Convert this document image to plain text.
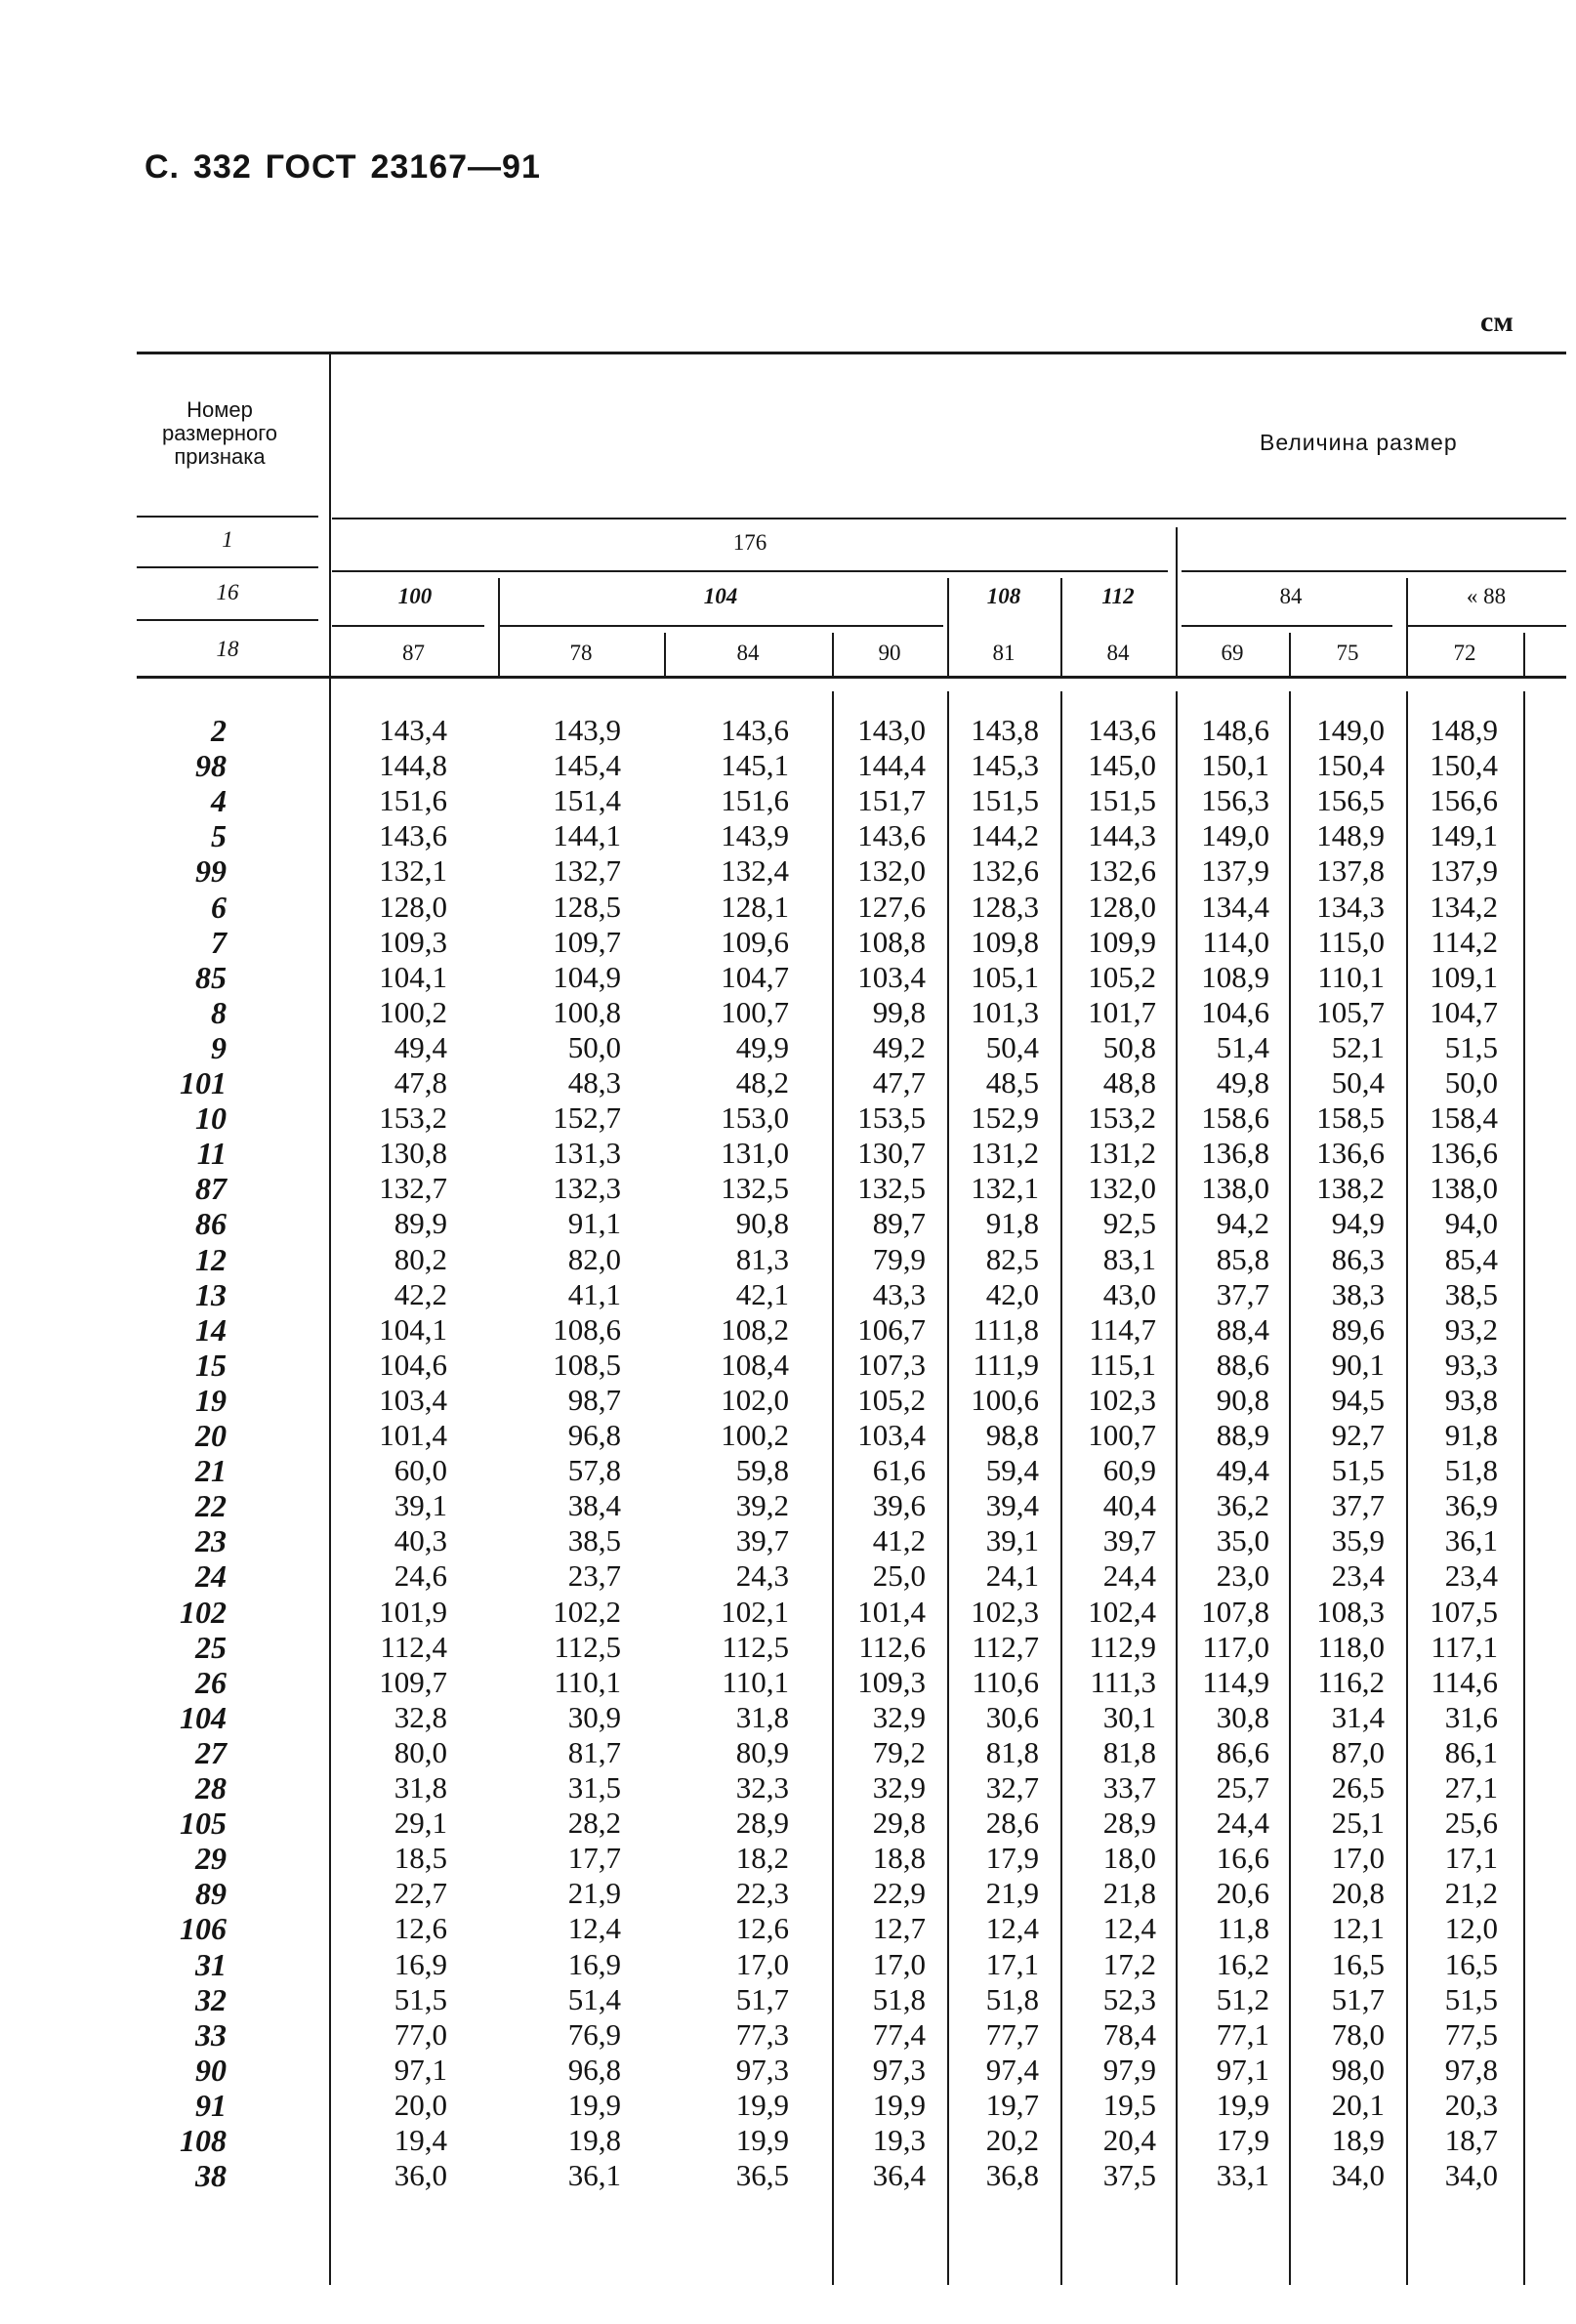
С. 332 ГОСТ 23167—91
см
Номер
размерного
признака
Величина размер
1
16
18
176
100	104	108	112	84	« 88
87	78	84	90	81	84	69	75	72
2	143,4	143,9	143,6	143,0	143,8	143,6	148,6	149,0	148,9
98	144,8	145,4	145,1	144,4	145,3	145,0	150,1	150,4	150,4
4	151,6	151,4	151,6	151,7	151,5	151,5	156,3	156,5	156,6
5	143,6	144,1	143,9	143,6	144,2	144,3	149,0	148,9	149,1
99	132,1	132,7	132,4	132,0	132,6	132,6	137,9	137,8	137,9
6	128,0	128,5	128,1	127,6	128,3	128,0	134,4	134,3	134,2
7	109,3	109,7	109,6	108,8	109,8	109,9	114,0	115,0	114,2
85	104,1	104,9	104,7	103,4	105,1	105,2	108,9	110,1	109,1
8	100,2	100,8	100,7	99,8	101,3	101,7	104,6	105,7	104,7
9	49,4	50,0	49,9	49,2	50,4	50,8	51,4	52,1	51,5
101	47,8	48,3	48,2	47,7	48,5	48,8	49,8	50,4	50,0
10	153,2	152,7	153,0	153,5	152,9	153,2	158,6	158,5	158,4
11	130,8	131,3	131,0	130,7	131,2	131,2	136,8	136,6	136,6
87	132,7	132,3	132,5	132,5	132,1	132,0	138,0	138,2	138,0
86	89,9	91,1	90,8	89,7	91,8	92,5	94,2	94,9	94,0
12	80,2	82,0	81,3	79,9	82,5	83,1	85,8	86,3	85,4
13	42,2	41,1	42,1	43,3	42,0	43,0	37,7	38,3	38,5
14	104,1	108,6	108,2	106,7	111,8	114,7	88,4	89,6	93,2
15	104,6	108,5	108,4	107,3	111,9	115,1	88,6	90,1	93,3
19	103,4	98,7	102,0	105,2	100,6	102,3	90,8	94,5	93,8
20	101,4	96,8	100,2	103,4	98,8	100,7	88,9	92,7	91,8
21	60,0	57,8	59,8	61,6	59,4	60,9	49,4	51,5	51,8
22	39,1	38,4	39,2	39,6	39,4	40,4	36,2	37,7	36,9
23	40,3	38,5	39,7	41,2	39,1	39,7	35,0	35,9	36,1
24	24,6	23,7	24,3	25,0	24,1	24,4	23,0	23,4	23,4
102	101,9	102,2	102,1	101,4	102,3	102,4	107,8	108,3	107,5
25	112,4	112,5	112,5	112,6	112,7	112,9	117,0	118,0	117,1
26	109,7	110,1	110,1	109,3	110,6	111,3	114,9	116,2	114,6
104	32,8	30,9	31,8	32,9	30,6	30,1	30,8	31,4	31,6
27	80,0	81,7	80,9	79,2	81,8	81,8	86,6	87,0	86,1
28	31,8	31,5	32,3	32,9	32,7	33,7	25,7	26,5	27,1
105	29,1	28,2	28,9	29,8	28,6	28,9	24,4	25,1	25,6
29	18,5	17,7	18,2	18,8	17,9	18,0	16,6	17,0	17,1
89	22,7	21,9	22,3	22,9	21,9	21,8	20,6	20,8	21,2
106	12,6	12,4	12,6	12,7	12,4	12,4	11,8	12,1	12,0
31	16,9	16,9	17,0	17,0	17,1	17,2	16,2	16,5	16,5
32	51,5	51,4	51,7	51,8	51,8	52,3	51,2	51,7	51,5
33	77,0	76,9	77,3	77,4	77,7	78,4	77,1	78,0	77,5
90	97,1	96,8	97,3	97,3	97,4	97,9	97,1	98,0	97,8
91	20,0	19,9	19,9	19,9	19,7	19,5	19,9	20,1	20,3
108	19,4	19,8	19,9	19,3	20,2	20,4	17,9	18,9	18,7
38	36,0	36,1	36,5	36,4	36,8	37,5	33,1	34,0	34,0
